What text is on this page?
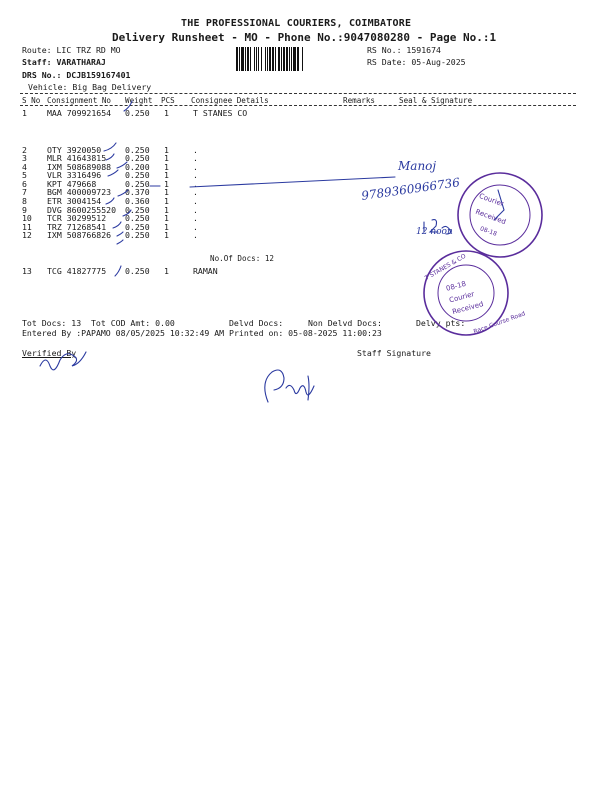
THE PROFESSIONAL COURIERS, COIMBATORE
Delivery Runsheet - MO - Phone No.:9047080280 - Page No.:1
Route: LIC TRZ RD MO
Staff: VARATHARAJ
DRS No.: DCJB159167401
Vehicle: Big Bag Delivery
RS No.: 1591674
RS Date: 05-Aug-2025
S No Consignment No Weight PCS Consignee Details	Remarks	Seal & Signature
1 MAA 709921654 0.250 1	T STANES CO
2 OTY 3920050	0.250 1	.
3 MLR 41643815 0.250 1	.
4 IXM 508689088 0.200 1	.
5 VLR 3316496	0.250 1	.
6 KPT 479668	0.250 1	.
7 BGM 400009723 0.370 1	.
8 ETR 3004154	0.360 1	.
9 DVG 8600255520 0.250 1	.
10 TCR 30299512 0.250 1	.
11 TRZ 71268541 0.250 1	.
12 IXM 508766826 0.250 1	.
13 TCG 41827775 0.250 1	RAMAN
No.Of Docs: 12
Tot Docs: 13 Tot COD Amt: 0.00	Delvd Docs:	Non Delvd Docs:	Delvy pts:
Entered By :PAPAMO 08/05/2025 10:32:49 AM Printed on: 05-08-2025 11:00:23
Verified By	Staff Signature
Manoj
9789360966736
12 noon
Courier
Received
08-18
08-18
Courier
Received
T STANES & CO
Race Course Road
